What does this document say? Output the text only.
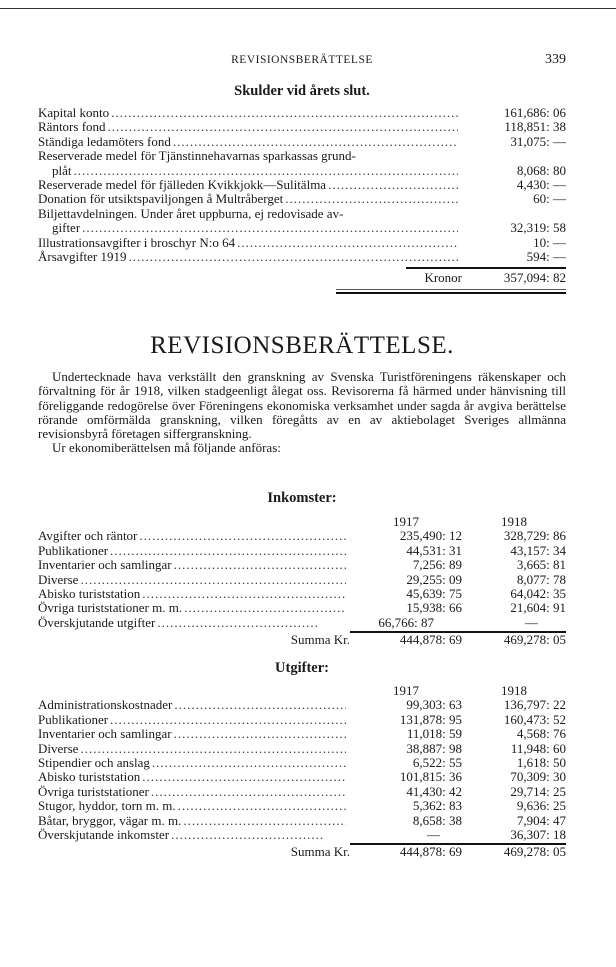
REVISIONSBERÄTTELSE	339
Skulder vid årets slut.
Kapital konto .....	161,686: 06
Räntors fond .....	118,851: 38
Ständiga ledamöters fond .....	31,075: —
Reserverade medel för Tjänstinnehavarnas sparkassas grund-
plåt .....	8,068: 80
Reserverade medel för fjälleden Kvikkjokk—Sulitälma .....	4,430: —
Donation för utsiktspaviljongen å Multråberget .....	60: —
Biljettavdelningen. Under året uppburna, ej redovisade av-
gifter .....	32,319: 58
Illustrationsavgifter i broschyr N:o 64 .....	10: —
Årsavgifter 1919 .....	594: —
Kronor	357,094: 82
REVISIONSBERÄTTELSE.

Undertecknade hava verkställt den granskning av Svenska Turistföreningens räkenskaper och förvaltning för år 1918, vilken stadgeenligt ålegat oss. Revisorerna få härmed under hänvisning till föreliggande redogörelse över Föreningens ekonomiska verksamhet under sagda år avgiva berättelse rörande omförmälda granskning, vilken föregåtts av en av aktiebolaget Sveriges allmänna revisionsbyrå företagen siffergranskning.

Ur ekonomiberättelsen må följande anföras:

Inkomster:
1917	1918
Avgifter och räntor .....	235,490: 12	328,729: 86
Publikationer .....	44,531: 31	43,157: 34
Inventarier och samlingar .....	7,256: 89	3,665: 81
Diverse .....	29,255: 09	8,077: 78
Abisko turiststation .....	45,639: 75	64,042: 35
Övriga turiststationer m. m. .....	15,938: 66	21,604: 91
Överskjutande utgifter .....	66,766: 87	—
Summa Kr.	444,878: 69	469,278: 05
Utgifter:
1917	1918
Administrationskostnader .....	99,303: 63	136,797: 22
Publikationer .....	131,878: 95	160,473: 52
Inventarier och samlingar .....	11,018: 59	4,568: 76
Diverse .....	38,887: 98	11,948: 60
Stipendier och anslag .....	6,522: 55	1,618: 50
Abisko turiststation .....	101,815: 36	70,309: 30
Övriga turiststationer .....	41,430: 42	29,714: 25
Stugor, hyddor, torn m. m. .....	5,362: 83	9,636: 25
Båtar, bryggor, vägar m. m. .....	8,658: 38	7,904: 47
Överskjutande inkomster .....	—	36,307: 18
Summa Kr.	444,878: 69	469,278: 05
